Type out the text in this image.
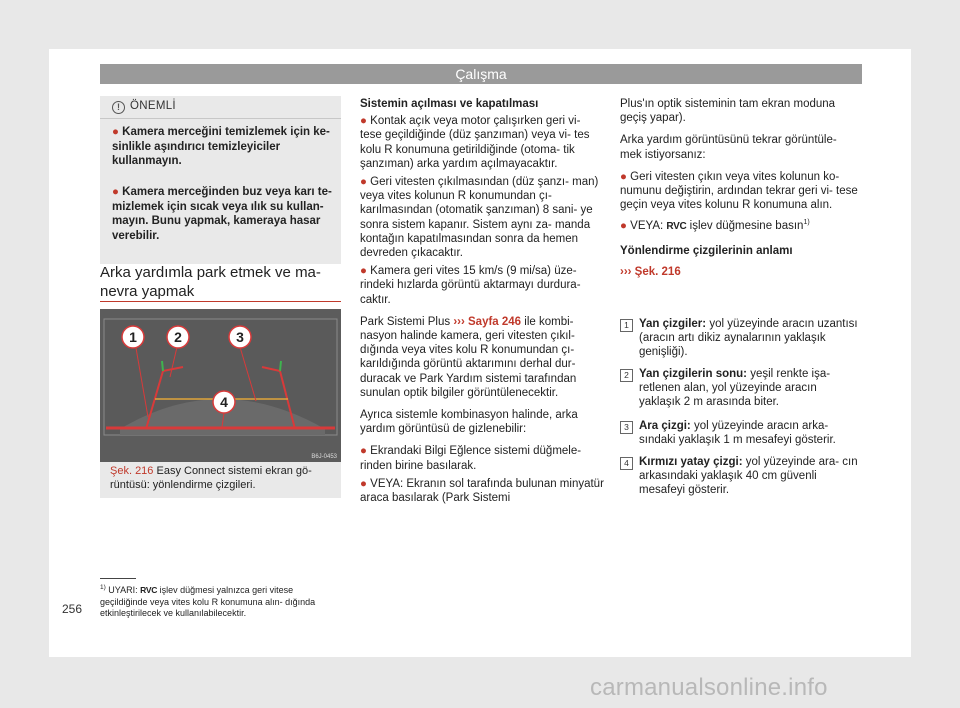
Çalışma
! ÖNEMLİ
● Kamera merceğini temizlemek için ke- sinlikle aşındırıcı temizleyiciler kullanmayın.
● Kamera merceğinden buz veya karı te- mizlemek için sıcak veya ılık su kullan- mayın. Bunu yapmak, kameraya hasar verebilir.
Arka yardımla park etmek ve ma- nevra yapmak
1	2	3
4
B6J-0453
Şek. 216 Easy Connect sistemi ekran gö- rüntüsü: yönlendirme çizgileri.

Sistemin açılması ve kapatılması

● Kontak açık veya motor çalışırken geri vi- tese geçildiğinde (düz şanzıman) veya vi- tes kolu R konumuna getirildiğinde (otoma- tik şanzıman) arka yardım açılmayacaktır.

● Geri vitesten çıkılmasından (düz şanzı- man) veya vites kolunun R konumundan çı- karılmasından (otomatik şanzıman) 8 sani- ye sonra sistem kapanır. Sistem aynı za- manda kontağın kapatılmasından sonra da hemen devreden çıkacaktır.

● Kamera geri vites 15 km/s (9 mi/sa) üze- rindeki hızlarda görüntü aktarmayı durdura- caktır.

Park Sistemi Plus ››› Sayfa 246 ile kombi- nasyon halinde kamera, geri vitesten çıkıl- dığında veya vites kolu R konumundan çı- karıldığında görüntü aktarımını derhal dur- duracak ve Park Yardım sistemi tarafından sunulan optik bilgiler görüntülenecektir.

Ayrıca sistemle kombinasyon halinde, arka yardım görüntüsü de gizlenebilir:

● Ekrandaki Bilgi Eğlence sistemi düğmele- rinden birine basılarak.

● VEYA: Ekranın sol tarafında bulunan minyatür araca basılarak (Park Sistemi

Plus'ın optik sisteminin tam ekran moduna geçiş yapar).

Arka yardım görüntüsünü tekrar görüntüle- mek istiyorsanız:

● Geri vitesten çıkın veya vites kolunun ko- numunu değiştirin, ardından tekrar geri vi- tese geçin veya vites kolunu R konumuna alın.

● VEYA: RVC işlev düğmesine basın$^{1)}$

Yönlendirme çizgilerinin anlamı

››› Şek. 216

1 Yan çizgiler: yol yüzeyinde aracın uzantısı (aracın artı dikiz aynalarının yaklaşık genişliği).
2 Yan çizgilerin sonu: yeşil renkte işa- retlenen alan, yol yüzeyinde aracın yaklaşık 2 m arasında biter.
3 Ara çizgi: yol yüzeyinde aracın arka- sındaki yaklaşık 1 m mesafeyi gösterir.
4 Kırmızı yatay çizgi: yol yüzeyinde ara- cın arkasındaki yaklaşık 40 cm güvenli mesafeyi gösterir.
$^{1)}$ UYARI: RVC işlev düğmesi yalnızca geri vitese geçildiğinde veya vites kolu R konumuna alın- dığında etkinleştirilecek ve kullanılabilecektir.
256
carmanualsonline.info
